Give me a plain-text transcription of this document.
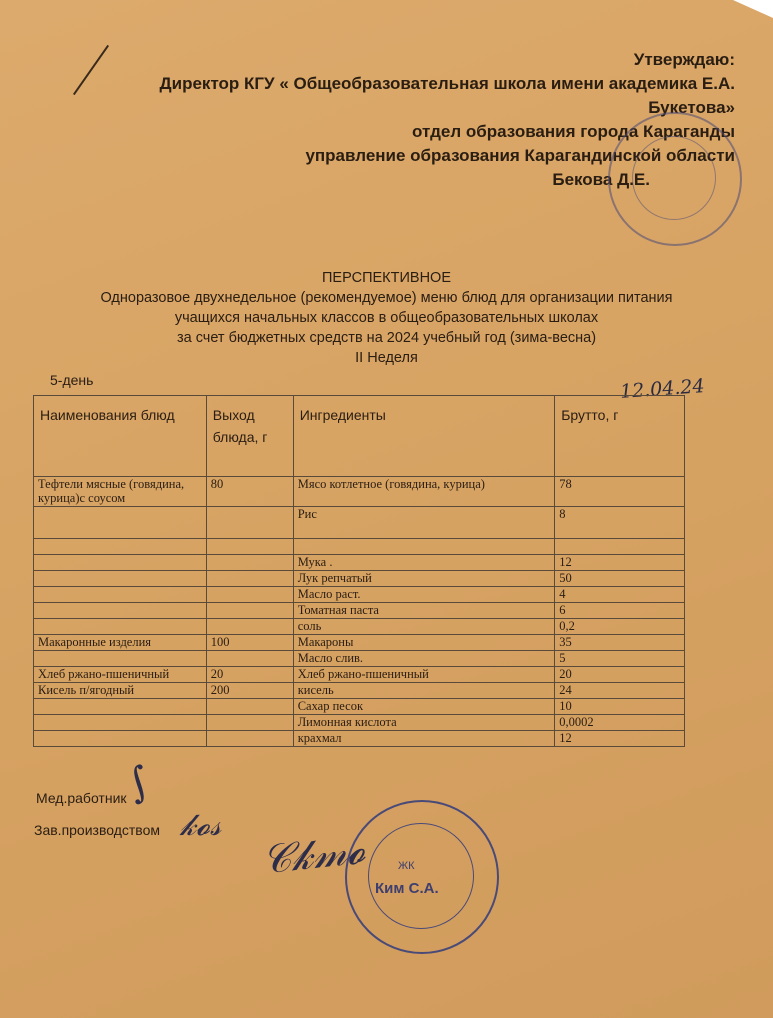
Утверждаю:
Директор КГУ « Общеобразовательная школа имени академика Е.А.
Букетова»
отдел образования города Караганды
управление образования Карагандинской области
Бекова Д.Е.
ПЕРСПЕКТИВНОЕ
Одноразовое двухнедельное (рекомендуемое) меню блюд для организации питания
учащихся начальных классов в общеобразовательных школах
за счет бюджетных средств на 2024 учебный год (зима-весна)
II Неделя
5-день	12.04.24
Наименования блюд	Выход блюда, г	Ингредиенты	Брутто, г
Тефтели мясные (говядина, курица)с соусом	80	Мясо котлетное (говядина, курица)	78
		Рис	8

		Мука .	12
		Лук репчатый	50
		Масло раст.	4
		Томатная паста	6
		соль	0,2
Макаронные изделия	100	Макароны	35
		Масло слив.	5
Хлеб ржано-пшеничный	20	Хлеб ржано-пшеничный	20
Кисель п/ягодный	200	кисель	24
		Сахар песок	10
		Лимонная кислота	0,0002
		крахмал	12
Мед.работник
Зав.производством
∫
𝓀𝓸𝓈
𝒞𝓀𝓂𝓸	ЖК
Ким С.А.
